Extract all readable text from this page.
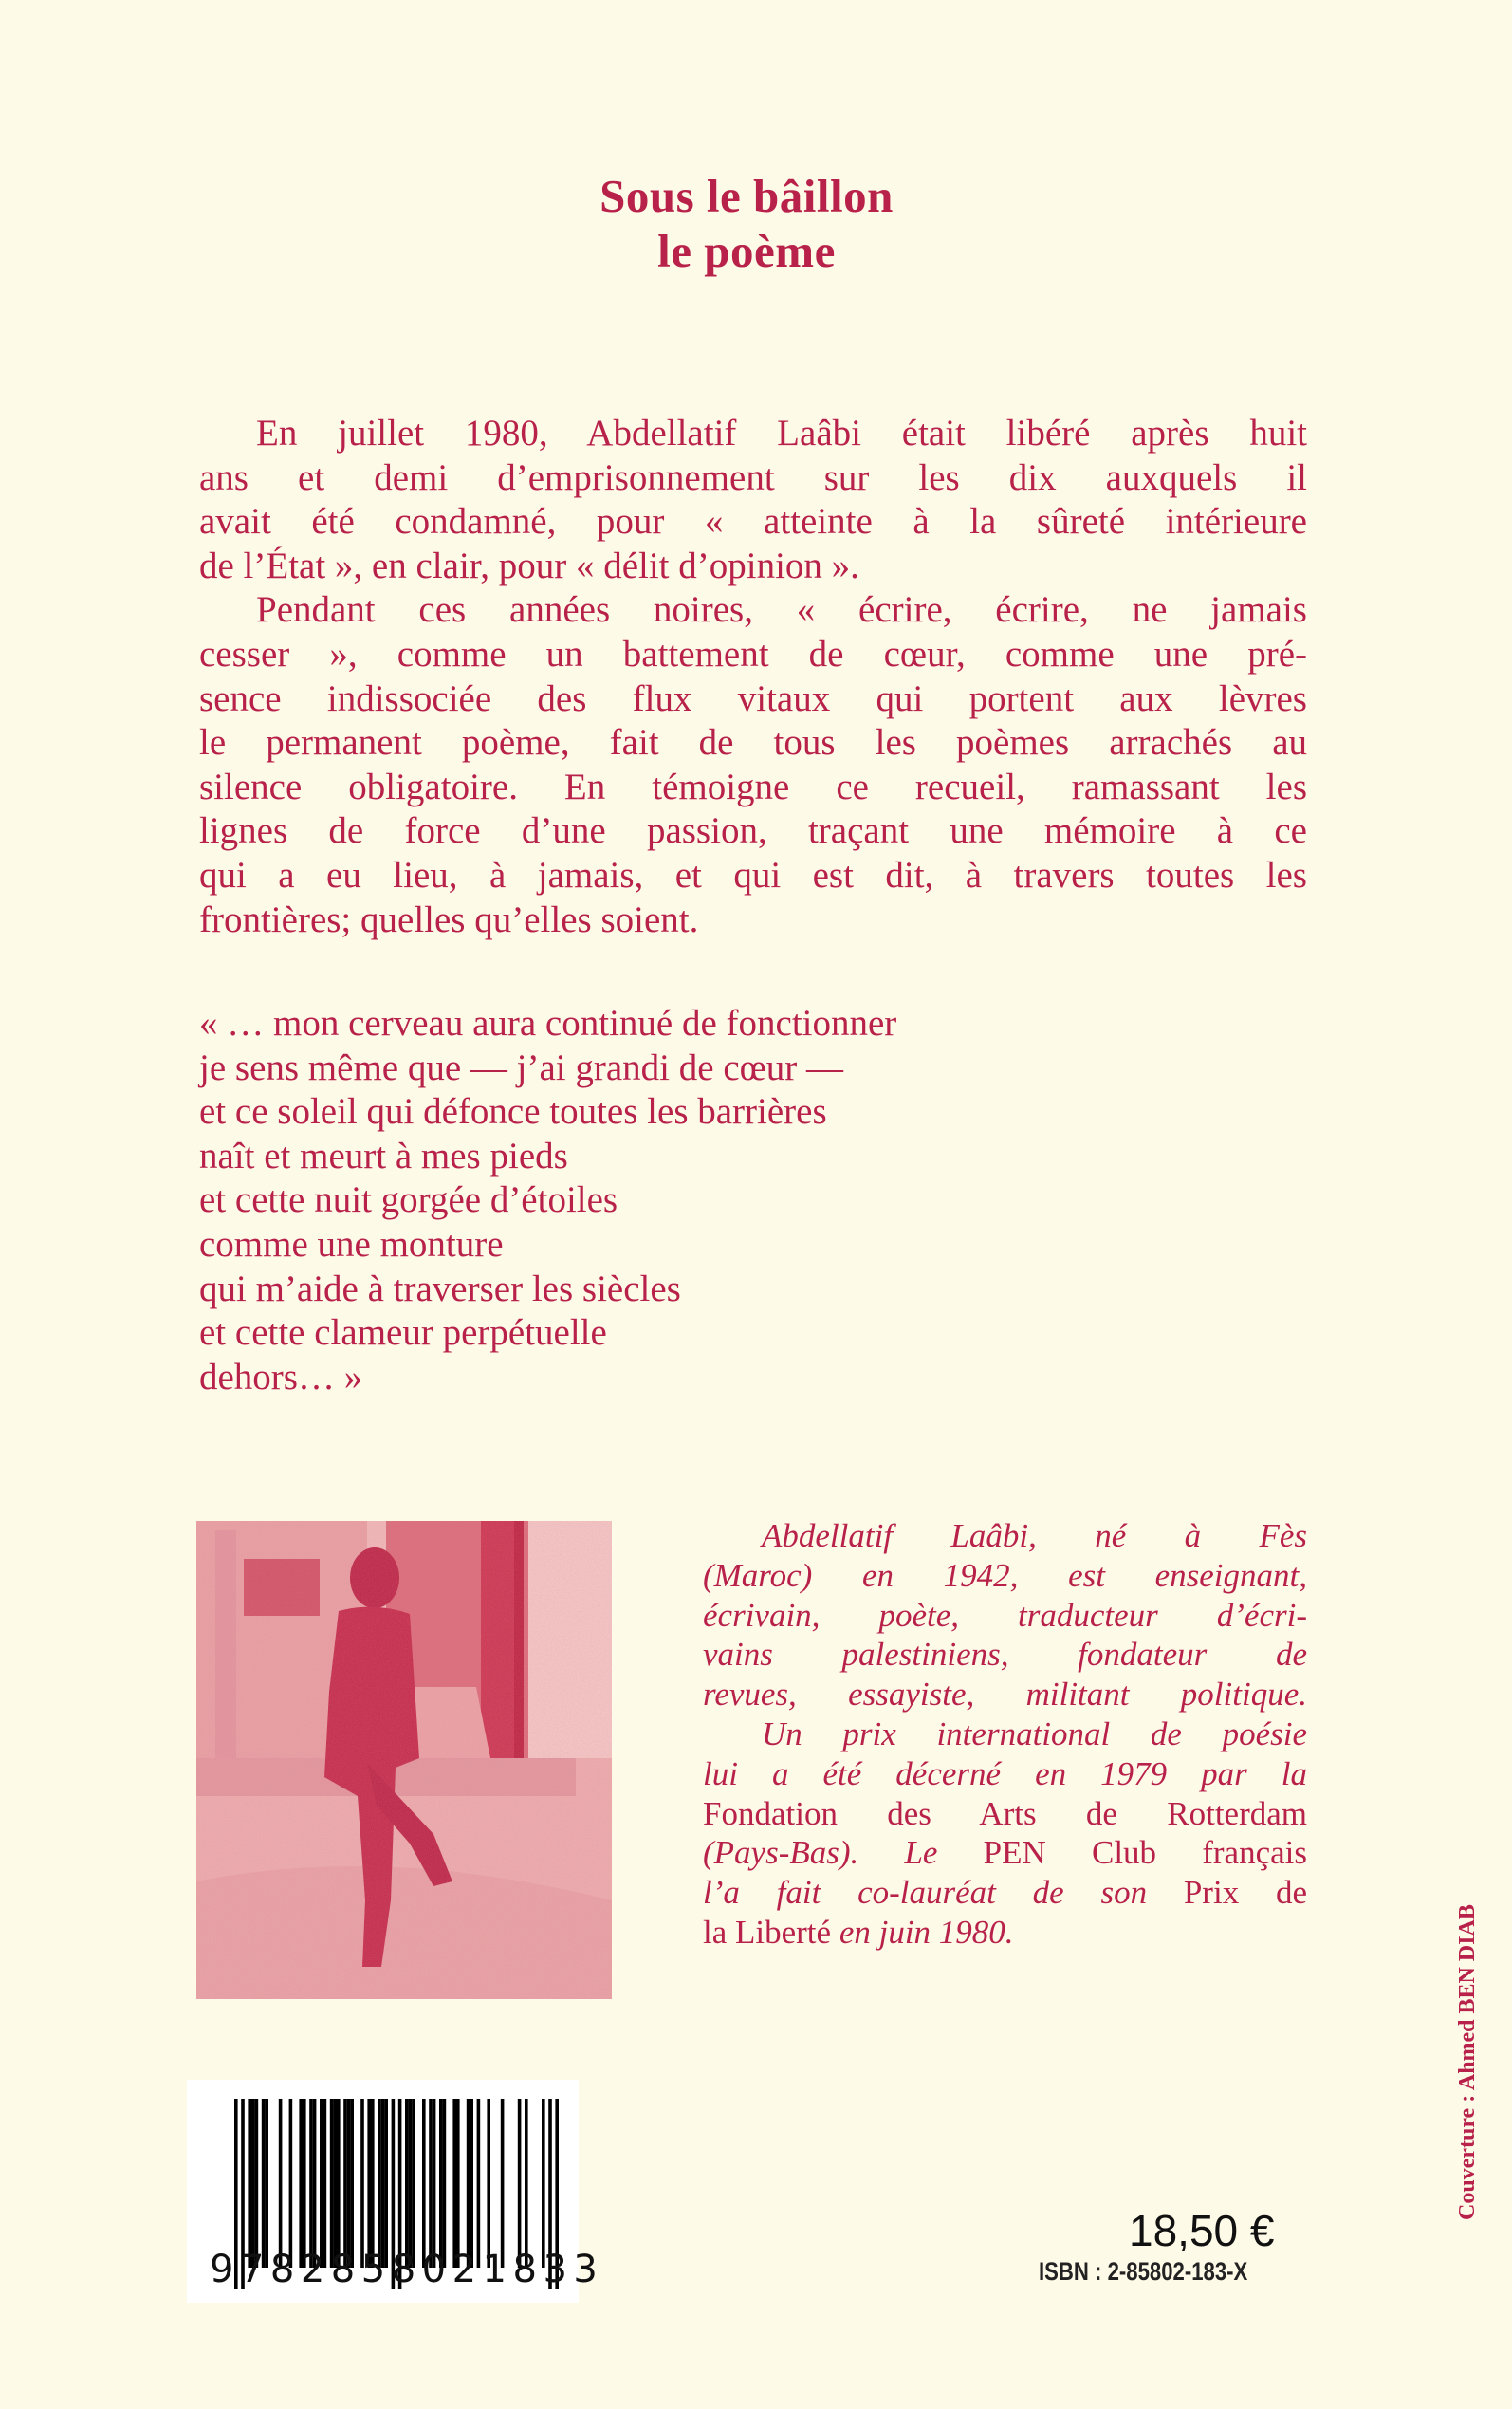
Sous le bâillon
le poème
En juillet 1980, Abdellatif Laâbi était libéré après huit
ans et demi d’emprisonnement sur les dix auxquels il
avait été condamné, pour « atteinte à la sûreté intérieure
de l’État », en clair, pour « délit d’opinion ».
Pendant ces années noires, « écrire, écrire, ne jamais
cesser », comme un battement de cœur, comme une pré-
sence indissociée des flux vitaux qui portent aux lèvres
le permanent poème, fait de tous les poèmes arrachés au
silence obligatoire. En témoigne ce recueil, ramassant les
lignes de force d’une passion, traçant une mémoire à ce
qui a eu lieu, à jamais, et qui est dit, à travers toutes les
frontières; quelles qu’elles soient.
« … mon cerveau aura continué de fonctionner
je sens même que — j’ai grandi de cœur —
et ce soleil qui défonce toutes les barrières
naît et meurt à mes pieds
et cette nuit gorgée d’étoiles
comme une monture
qui m’aide à traverser les siècles
et cette clameur perpétuelle
dehors… »
Abdellatif Laâbi, né à Fès
(Maroc) en 1942, est enseignant,
écrivain, poète, traducteur d’écri-
vains palestiniens, fondateur de
revues, essayiste, militant politique.
Un prix international de poésie
lui a été décerné en 1979 par la
Fondation des Arts de Rotterdam
(Pays-Bas). Le PEN Club français
l’a fait co-lauréat de son Prix de
la Liberté en juin 1980.
9782858021833
18,50 €
ISBN : 2-85802-183-X
Couverture : Ahmed BEN DIAB
